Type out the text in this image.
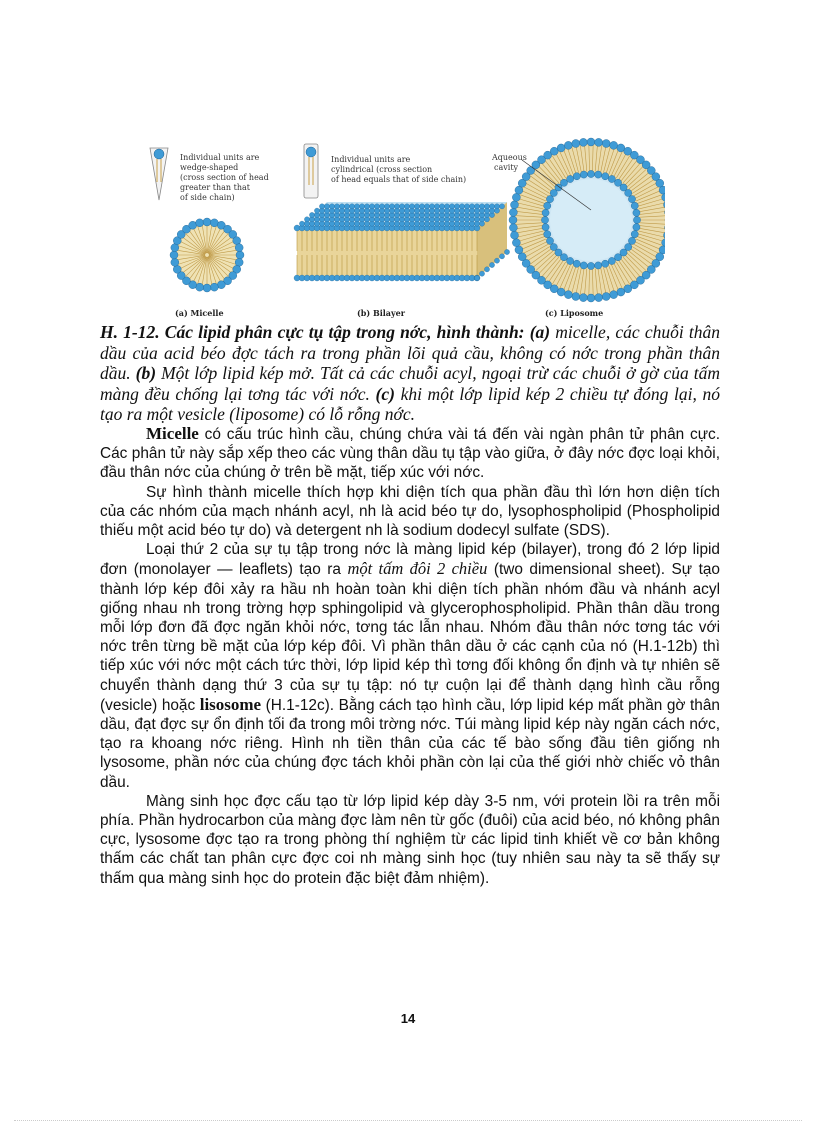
Individual units are
wedge-shaped
(cross section of head
greater than that
of side chain)
Individual units are
cylindrical (cross section
of head equals that of side chain)
Aqueous
cavity
(a) Micelle	(b) Bilayer	(c) Liposome
H. 1-12. Các lipid phân cực tụ tập trong nớc, hình thành: (a) micelle, các chuỗi thân dầu của acid béo đợc tách ra trong phần lõi quả cầu, không có nớc trong phần thân dầu. (b) Một lớp lipid kép mở. Tất cả các chuỗi acyl, ngoại trừ các chuỗi ở gờ của tấm màng đều chống lại tơng tác với nớc. (c) khi một lớp lipid kép 2 chiều tự đóng lại, nó tạo ra một vesicle (liposome) có lỗ rỗng nớc.

Micelle có cấu trúc hình cầu, chúng chứa vài tá đến vài ngàn phân tử phân cực. Các phân tử này sắp xếp theo các vùng thân dầu tụ tập vào giữa, ở đây nớc đợc loại khỏi, đầu thân nớc của chúng ở trên bề mặt, tiếp xúc với nớc.

Sự hình thành micelle thích hợp khi diện tích qua phần đầu thì lớn hơn diện tích của các nhóm của mạch nhánh acyl, nh là acid béo tự do, lysophospholipid (Phospholipid thiếu một acid béo tự do) và detergent nh là sodium dodecyl sulfate (SDS).

Loại thứ 2 của sự tụ tập trong nớc là màng lipid kép (bilayer), trong đó 2 lớp lipid đơn (monolayer — leaflets) tạo ra một tấm đôi 2 chiều (two dimensional sheet). Sự tạo thành lớp kép đôi xảy ra hầu nh hoàn toàn khi diện tích phần nhóm đầu và nhánh acyl giống nhau nh trong trờng hợp sphingolipid và glycerophospholipid. Phần thân dầu trong mỗi lớp đơn đã đợc ngăn khỏi nớc, tơng tác lẫn nhau. Nhóm đầu thân nớc tơng tác với nớc trên từng bề mặt của lớp kép đôi. Vì phần thân dầu ở các cạnh của nó (H.1-12b) thì tiếp xúc với nớc một cách tức thời, lớp lipid kép thì tơng đối không ổn định và tự nhiên sẽ chuyển thành dạng thứ 3 của sự tụ tập: nó tự cuộn lại để thành dạng hình cầu rỗng (vesicle) hoặc lisosome (H.1-12c). Bằng cách tạo hình cầu, lớp lipid kép mất phần gờ thân dầu, đạt đợc sự ổn định tối đa trong môi trờng nớc. Túi màng lipid kép này ngăn cách nớc, tạo ra khoang nớc riêng. Hình nh tiền thân của các tế bào sống đầu tiên giống nh lysosome, phần nớc của chúng đợc tách khỏi phần còn lại của thế giới nhờ chiếc vỏ thân dầu.

Màng sinh học đợc cấu tạo từ lớp lipid kép dày 3-5 nm, với protein lồi ra trên mỗi phía. Phần hydrocarbon của màng đợc làm nên từ gốc (đuôi) của acid béo, nó không phân cực, lysosome đợc tạo ra trong phòng thí nghiệm từ các lipid tinh khiết về cơ bản không thấm các chất tan phân cực đợc coi nh màng sinh học (tuy nhiên sau này ta sẽ thấy sự thấm qua màng sinh học do protein đặc biệt đảm nhiệm).

14
